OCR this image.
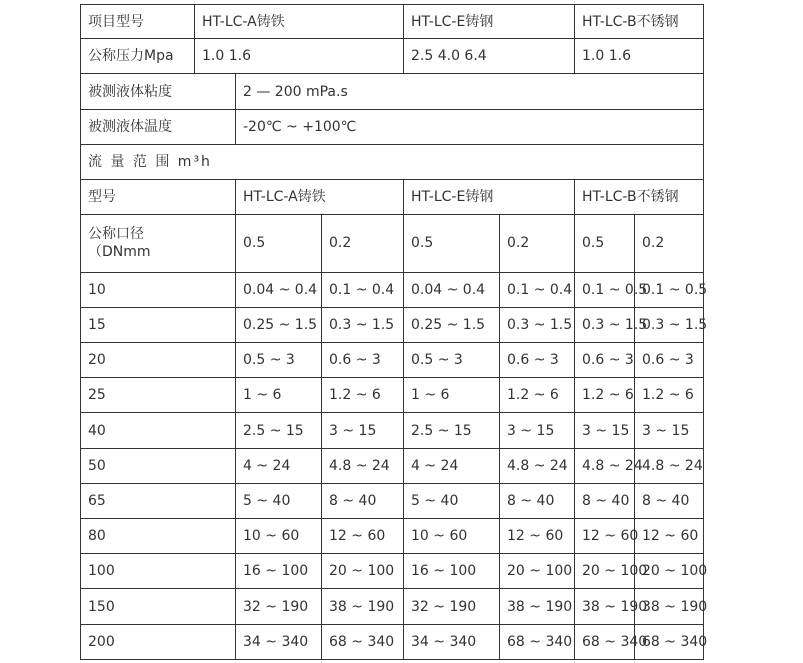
项目型号	HT-LC-A铸铁			HT-LC-E铸钢		HT-LC-B不锈钢	
公称压力Mpa	1.0 1.6			2.5 4.0 6.4		1.0 1.6	
被测液体粘度		2 — 200 mPa.s					
被测液体温度		-20℃ ~ +100℃					
流 量 范 围 m³h							
型号		HT-LC-A铸铁		HT-LC-E铸钢		HT-LC-B不锈钢	

公称口径
（DNmm		0.5	0.2	0.5	0.2	0.5	0.2
10		0.04 ~ 0.4	0.1 ~ 0.4	0.04 ~ 0.4	0.1 ~ 0.4	0.1 ~ 0.5	0.1 ~ 0.5
15		0.25 ~ 1.5	0.3 ~ 1.5	0.25 ~ 1.5	0.3 ~ 1.5	0.3 ~ 1.5	0.3 ~ 1.5
20		0.5 ~ 3	0.6 ~ 3	0.5 ~ 3	0.6 ~ 3	0.6 ~ 3	0.6 ~ 3
25		1 ~ 6	1.2 ~ 6	1 ~ 6	1.2 ~ 6	1.2 ~ 6	1.2 ~ 6
40		2.5 ~ 15	3 ~ 15	2.5 ~ 15	3 ~ 15	3 ~ 15	3 ~ 15
50		4 ~ 24	4.8 ~ 24	4 ~ 24	4.8 ~ 24	4.8 ~ 24	4.8 ~ 24
65		5 ~ 40	8 ~ 40	5 ~ 40	8 ~ 40	8 ~ 40	8 ~ 40
80		10 ~ 60	12 ~ 60	10 ~ 60	12 ~ 60	12 ~ 60	12 ~ 60
100		16 ~ 100	20 ~ 100	16 ~ 100	20 ~ 100	20 ~ 100	20 ~ 100
150		32 ~ 190	38 ~ 190	32 ~ 190	38 ~ 190	38 ~ 190	38 ~ 190
200		34 ~ 340	68 ~ 340	34 ~ 340	68 ~ 340	68 ~ 340	68 ~ 340
